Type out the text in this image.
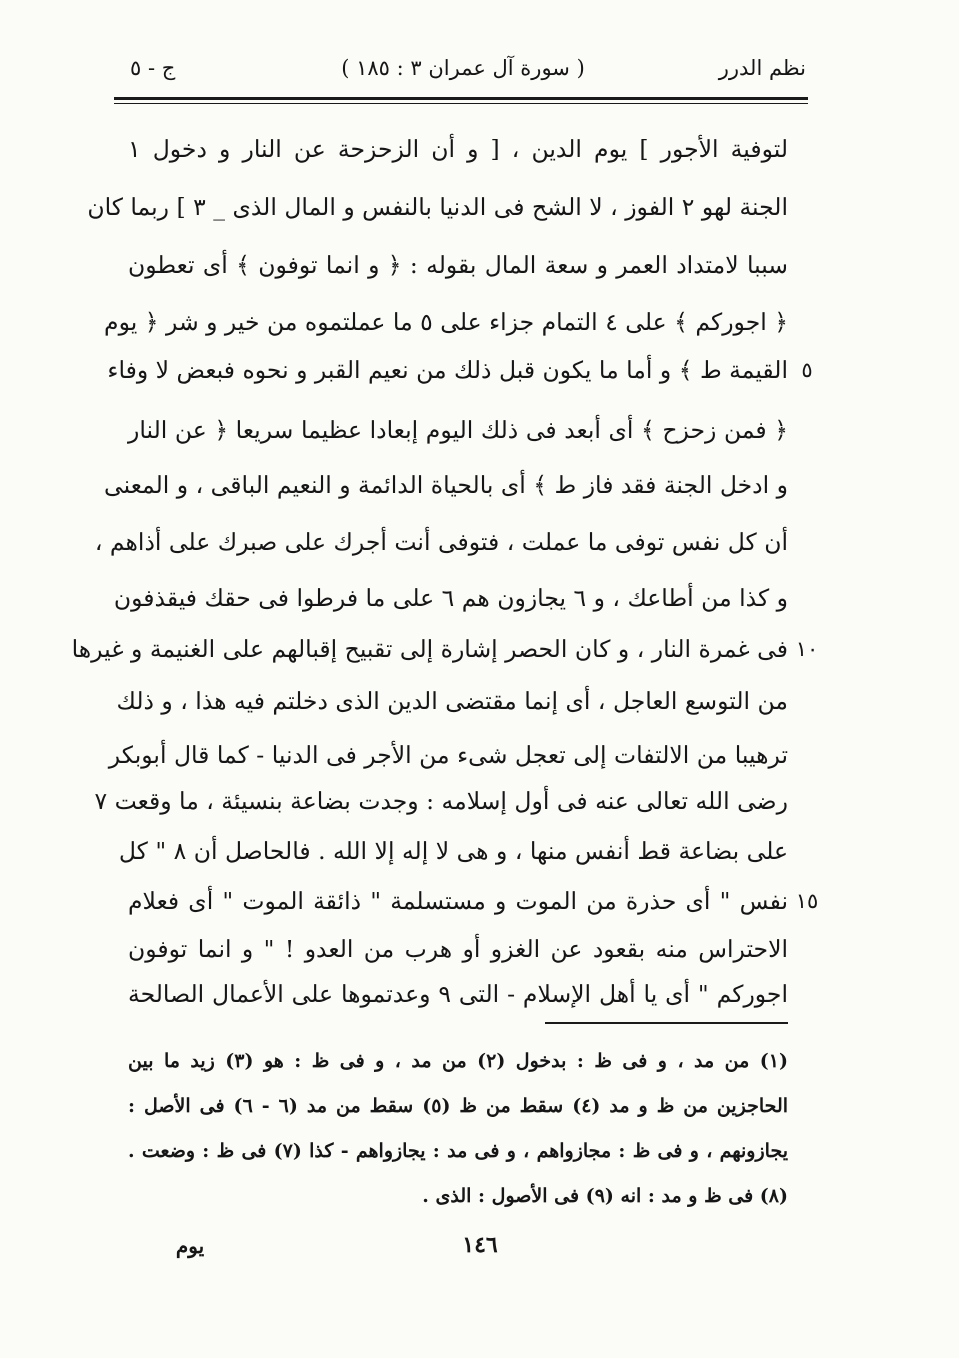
نظم الدرر
( سورة آل عمران ٣ : ١٨٥ )
ج - ٥
لتوفية الأجور ] يوم الدين ، [ و أن الزحزحة عن النار و دخول ١
الجنة لهو ٢ الفوز ، لا الشح فى الدنيا بالنفس و المال الذى _ ٣ ] ربما كان
سببا لامتداد العمر و سعة المال بقوله : ﴿ و انما توفون ﴾ أى تعطون
﴿ اجوركم ﴾ على ٤ التمام جزاء على ٥ ما عملتموه من خير و شر ﴿ يوم
القيمة ط ﴾ و أما ما يكون قبل ذلك من نعيم القبر و نحوه فبعض لا وفاء ٥
﴿ فمن زحزح ﴾ أى أبعد فى ذلك اليوم إبعادا عظيما سريعا ﴿ عن النار
و ادخل الجنة فقد فاز ط ﴾ أى بالحياة الدائمة و النعيم الباقى ، و المعنى
أن كل نفس توفى ما عملت ، فتوفى أنت أجرك على صبرك على أذاهم ،
و كذا من أطاعك ، و ٦ يجازون هم ٦ على ما فرطوا فى حقك فيقذفون
فى غمرة النار ، و كان الحصر إشارة إلى تقبيح إقبالهم على الغنيمة و غيرها ١٠
من التوسع العاجل ، أى إنما مقتضى الدين الذى دخلتم فيه هذا ، و ذلك
ترهيبا من الالتفات إلى تعجل شىء من الأجر فى الدنيا - كما قال أبوبكر
رضى الله تعالى عنه فى أول إسلامه : وجدت بضاعة بنسيئة ، ما وقعت ٧
على بضاعة قط أنفس منها ، و هى لا إله إلا الله . فالحاصل أن ٨ " كل
نفس " أى حذرة من الموت و مستسلمة " ذائقة الموت " أى فعلام ١٥
الاحتراس منه بقعود عن الغزو أو هرب من العدو ! " و انما توفون
اجوركم " أى يا أهل الإسلام - التى ٩ وعدتموها على الأعمال الصالحة
(١) من مد ، و فى ظ : بدخول (٢) من مد ، و فى ظ : هو (٣) زيد ما بين
الحاجزين من ظ و مد (٤) سقط من ظ (٥) سقط من مد (٦ - ٦) فى الأصل :
يجازونهم ، و فى ظ : مجازواهم ، و فى مد : يجازواهم - كذا (٧) فى ظ : وضعت .
(٨) فى ظ و مد : انه (٩) فى الأصول : الذى .
١٤٦
يوم
